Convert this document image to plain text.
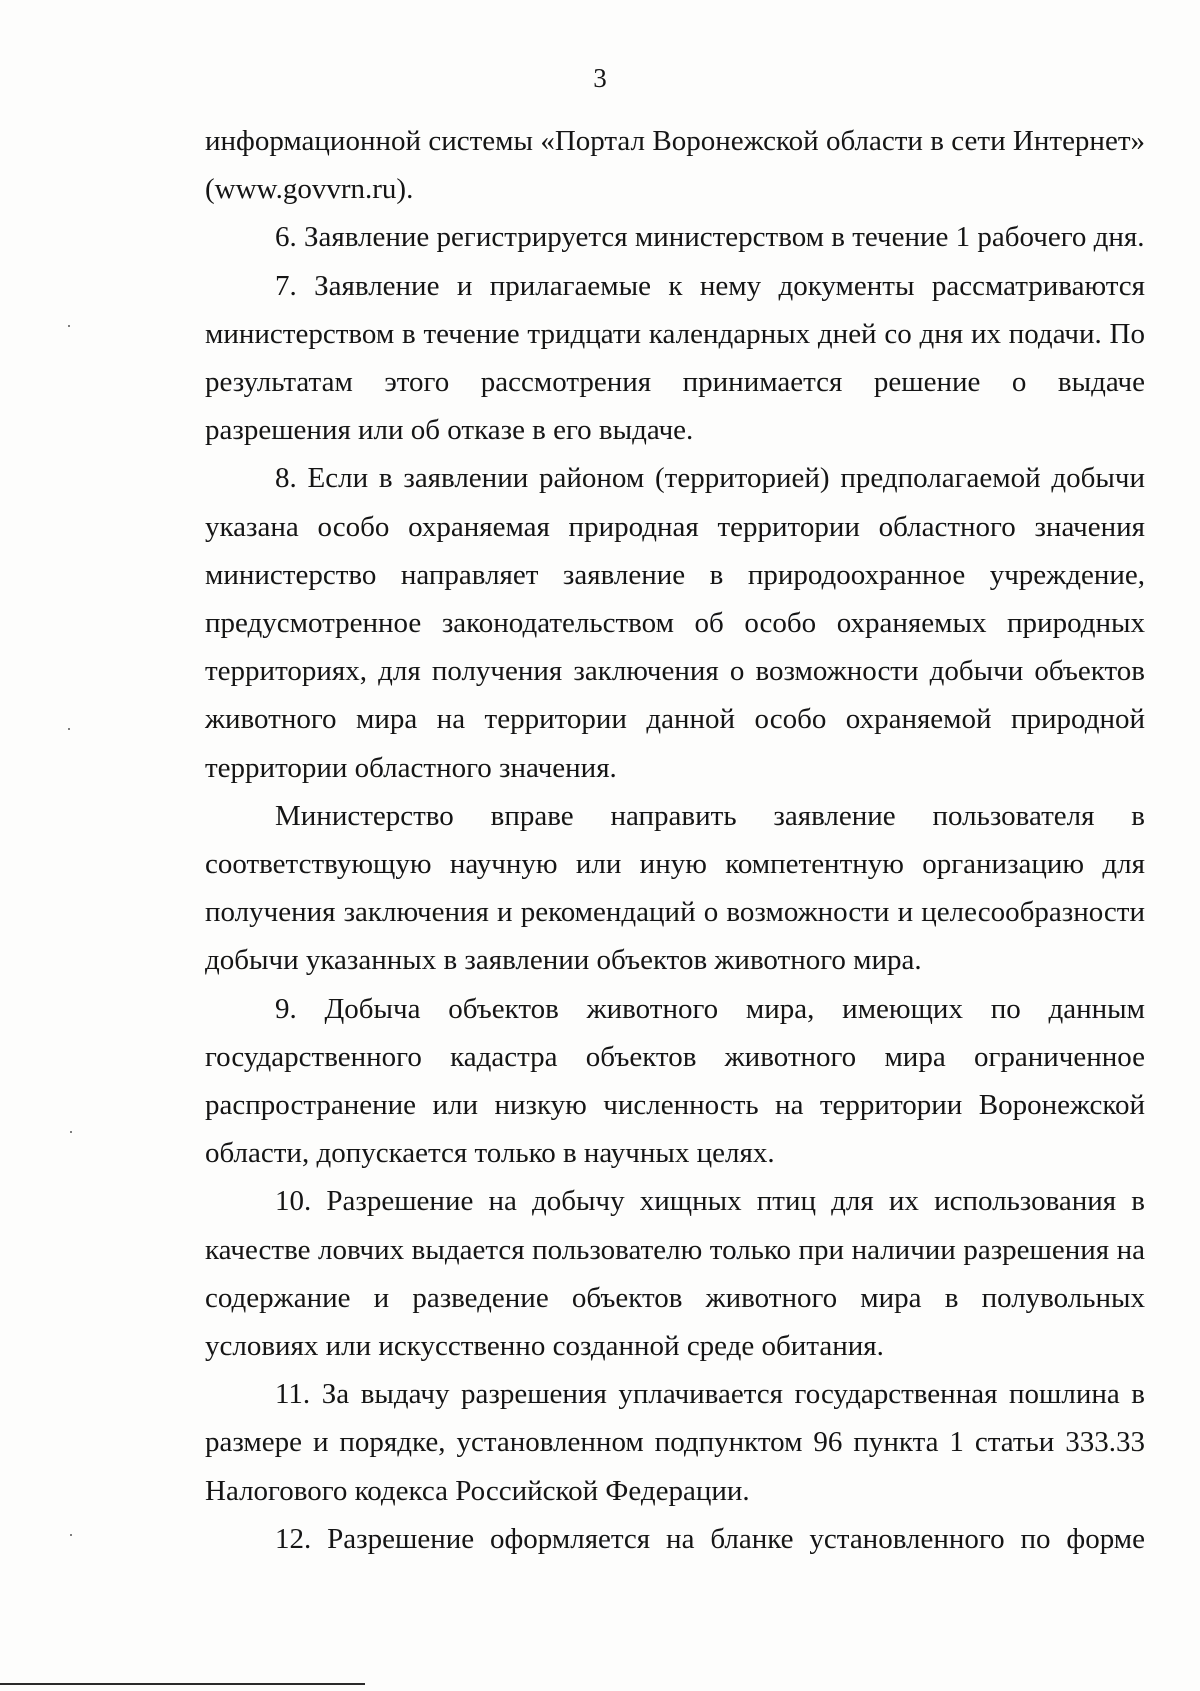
3

информационной системы «Портал Воронежской области в сети Интернет» (www.govvrn.ru).

6. Заявление регистрируется министерством в течение 1 рабочего дня.

7. Заявление и прилагаемые к нему документы рассматриваются министерством в течение тридцати календарных дней со дня их подачи. По результатам этого рассмотрения принимается решение о выдаче разрешения или об отказе в его выдаче.

8. Если в заявлении районом (территорией) предполагаемой добычи указана особо охраняемая природная территории областного значения министерство направляет заявление в природоохранное учреждение, предусмотренное законодательством об особо охраняемых природных территориях, для получения заключения о возможности добычи объектов животного мира на территории данной особо охраняемой природной территории областного значения.

Министерство вправе направить заявление пользователя в соответствующую научную или иную компетентную организацию для получения заключения и рекомендаций о возможности и целесообразности добычи указанных в заявлении объектов животного мира.

9. Добыча объектов животного мира, имеющих по данным государственного кадастра объектов животного мира ограниченное распространение или низкую численность на территории Воронежской области, допускается только в научных целях.

10. Разрешение на добычу хищных птиц для их использования в качестве ловчих выдается пользователю только при наличии разрешения на содержание и разведение объектов животного мира в полувольных условиях или искусственно созданной среде обитания.

11. За выдачу разрешения уплачивается государственная пошлина в размере и порядке, установленном подпунктом 96 пункта 1 статьи 333.33 Налогового кодекса Российской Федерации.

12. Разрешение оформляется на бланке установленного по форме
